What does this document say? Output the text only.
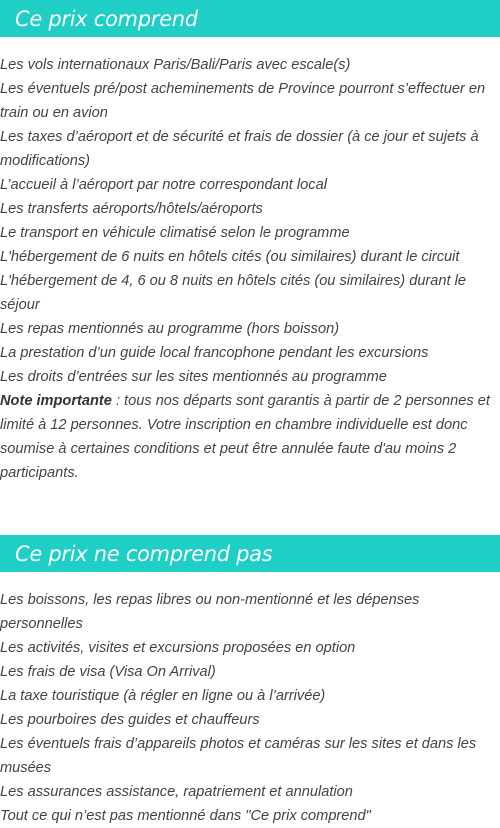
Ce prix comprend
Les vols internationaux Paris/Bali/Paris avec escale(s)
Les éventuels pré/post acheminements de Province pourront s’effectuer en train ou en avion
Les taxes d’aéroport et de sécurité et frais de dossier (à ce jour et sujets à modifications)
L’accueil à l’aéroport par notre correspondant local
Les transferts aéroports/hôtels/aéroports
Le transport en véhicule climatisé selon le programme
L'hébergement de 6 nuits en hôtels cités (ou similaires) durant le circuit
L'hébergement de 4, 6 ou 8 nuits en hôtels cités (ou similaires) durant le séjour
Les repas mentionnés au programme (hors boisson)
La prestation d’un guide local francophone pendant les excursions
Les droits d’entrées sur les sites mentionnés au programme

Note importante : tous nos départs sont garantis à partir de 2 personnes et limité à 12 personnes. Votre inscription en chambre individuelle est donc soumise à certaines conditions et peut être annulée faute d'au moins 2 participants.

Ce prix ne comprend pas
Les boissons, les repas libres ou non-mentionné et les dépenses personnelles
Les activités, visites et excursions proposées en option
Les frais de visa (Visa On Arrival)
La taxe touristique (à régler en ligne ou à l’arrivée)
Les pourboires des guides et chauffeurs
Les éventuels frais d’appareils photos et caméras sur les sites et dans les musées
Les assurances assistance, rapatriement et annulation
Tout ce qui n’est pas mentionné dans "Ce prix comprend"
